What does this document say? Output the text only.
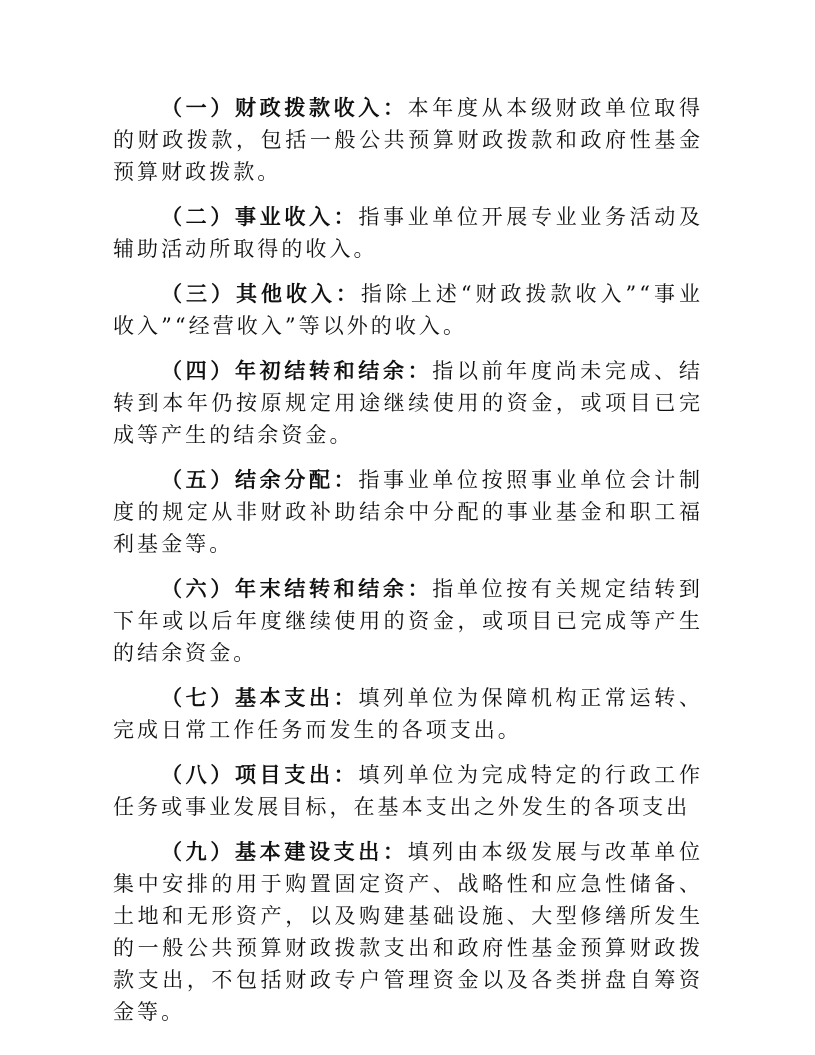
（一）财政拨款收入：本年度从本级财政单位取得的财政拨款，包括一般公共预算财政拨款和政府性基金预算财政拨款。

（二）事业收入：指事业单位开展专业业务活动及辅助活动所取得的收入。

（三）其他收入：指除上述“财政拨款收入”“事业收入”“经营收入”等以外的收入。

（四）年初结转和结余：指以前年度尚未完成、结转到本年仍按原规定用途继续使用的资金，或项目已完成等产生的结余资金。

（五）结余分配：指事业单位按照事业单位会计制度的规定从非财政补助结余中分配的事业基金和职工福利基金等。

（六）年末结转和结余：指单位按有关规定结转到下年或以后年度继续使用的资金，或项目已完成等产生的结余资金。

（七）基本支出：填列单位为保障机构正常运转、完成日常工作任务而发生的各项支出。

（八）项目支出：填列单位为完成特定的行政工作任务或事业发展目标，在基本支出之外发生的各项支出

（九）基本建设支出：填列由本级发展与改革单位集中安排的用于购置固定资产、战略性和应急性储备、土地和无形资产，以及购建基础设施、大型修缮所发生的一般公共预算财政拨款支出和政府性基金预算财政拨款支出，不包括财政专户管理资金以及各类拼盘自筹资金等。
